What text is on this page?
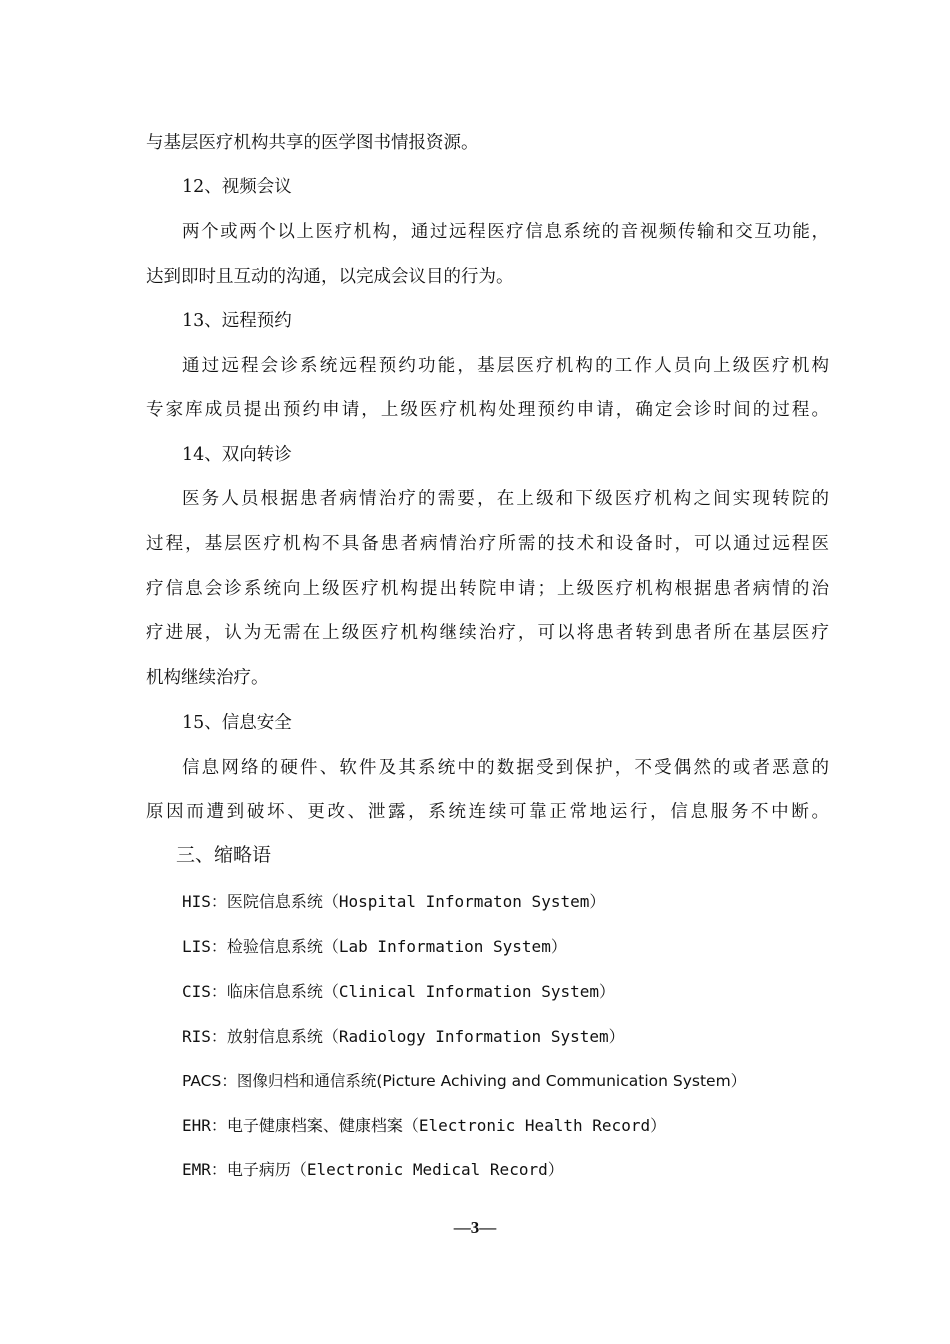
与基层医疗机构共享的医学图书情报资源。
12、视频会议
两个或两个以上医疗机构，通过远程医疗信息系统的音视频传输和交互功能，
达到即时且互动的沟通，以完成会议目的行为。
13、远程预约
通过远程会诊系统远程预约功能，基层医疗机构的工作人员向上级医疗机构
专家库成员提出预约申请，上级医疗机构处理预约申请，确定会诊时间的过程。
14、双向转诊
医务人员根据患者病情治疗的需要，在上级和下级医疗机构之间实现转院的
过程，基层医疗机构不具备患者病情治疗所需的技术和设备时，可以通过远程医
疗信息会诊系统向上级医疗机构提出转院申请；上级医疗机构根据患者病情的治
疗进展，认为无需在上级医疗机构继续治疗，可以将患者转到患者所在基层医疗
机构继续治疗。
15、信息安全
信息网络的硬件、软件及其系统中的数据受到保护，不受偶然的或者恶意的
原因而遭到破坏、更改、泄露，系统连续可靠正常地运行，信息服务不中断。
三、缩略语
HIS：医院信息系统（Hospital Informaton System）
LIS：检验信息系统（Lab Information System）
CIS：临床信息系统（Clinical Information System）
RIS：放射信息系统（Radiology Information System）
PACS：图像归档和通信系统(Picture Achiving and Communication System）
EHR：电子健康档案、健康档案（Electronic Health Record）
EMR：电子病历（Electronic Medical Record）
—3—
